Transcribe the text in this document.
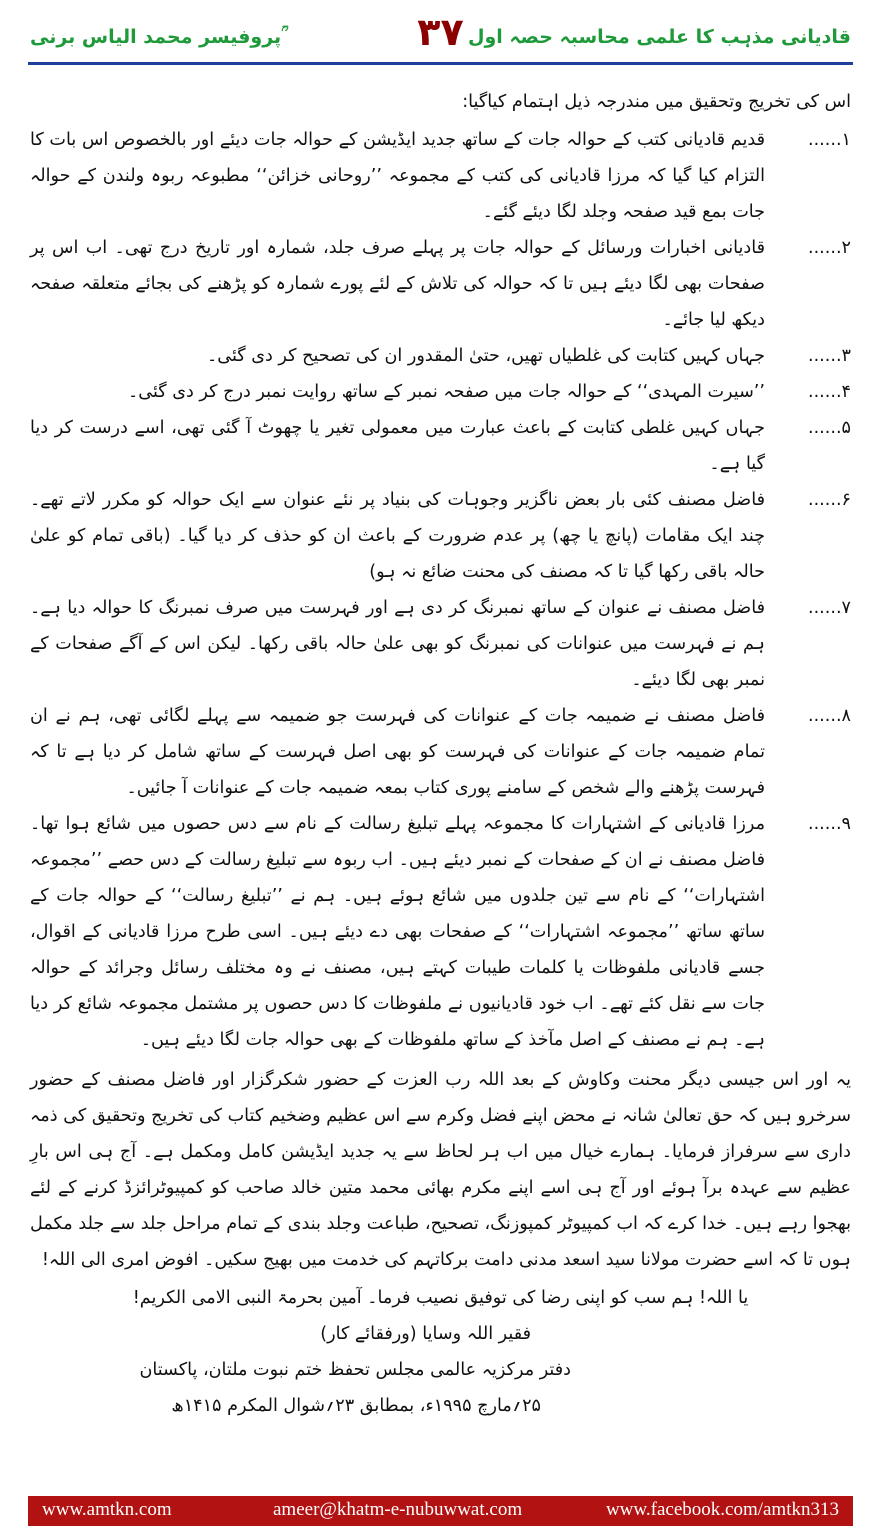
پروفیسر محمد الیاس برنی ؒ	۳۷ قادیانی مذہب کا علمی محاسبہ حصہ اول

اس کی تخریج وتحقیق میں مندرجہ ذیل اہتمام کیاگیا:

۱......
قدیم قادیانی کتب کے حوالہ جات کے ساتھ جدید ایڈیشن کے حوالہ جات دیئے اور بالخصوص اس بات کا التزام کیا گیا کہ مرزا قادیانی کی کتب کے مجموعہ ’’روحانی خزائن‘‘ مطبوعہ ربوہ ولندن کے حوالہ جات بمع قید صفحہ وجلد لگا دیئے گئے۔
۲......
قادیانی اخبارات ورسائل کے حوالہ جات پر پہلے صرف جلد، شمارہ اور تاریخ درج تھی۔ اب اس پر صفحات بھی لگا دیئے ہیں تا کہ حوالہ کی تلاش کے لئے پورے شمارہ کو پڑھنے کی بجائے متعلقہ صفحہ دیکھ لیا جائے۔
۳......
جہاں کہیں کتابت کی غلطیاں تھیں، حتیٰ المقدور ان کی تصحیح کر دی گئی۔
۴......
’’سیرت المہدی‘‘ کے حوالہ جات میں صفحہ نمبر کے ساتھ روایت نمبر درج کر دی گئی۔
۵......
جہاں کہیں غلطی کتابت کے باعث عبارت میں معمولی تغیر یا چھوٹ آ گئی تھی، اسے درست کر دیا گیا ہے۔
۶......
فاضل مصنف کئی بار بعض ناگزیر وجوہات کی بنیاد پر نئے عنوان سے ایک حوالہ کو مکرر لاتے تھے۔ چند ایک مقامات (پانچ یا چھ) پر عدم ضرورت کے باعث ان کو حذف کر دیا گیا۔ (باقی تمام کو علیٰ حالہ باقی رکھا گیا تا کہ مصنف کی محنت ضائع نہ ہو)
۷......
فاضل مصنف نے عنوان کے ساتھ نمبرنگ کر دی ہے اور فہرست میں صرف نمبرنگ کا حوالہ دیا ہے۔ ہم نے فہرست میں عنوانات کی نمبرنگ کو بھی علیٰ حالہ باقی رکھا۔ لیکن اس کے آگے صفحات کے نمبر بھی لگا دیئے۔
۸......
فاضل مصنف نے ضمیمہ جات کے عنوانات کی فہرست جو ضمیمہ سے پہلے لگائی تھی، ہم نے ان تمام ضمیمہ جات کے عنوانات کی فہرست کو بھی اصل فہرست کے ساتھ شامل کر دیا ہے تا کہ فہرست پڑھنے والے شخص کے سامنے پوری کتاب بمعہ ضمیمہ جات کے عنوانات آ جائیں۔
۹......
مرزا قادیانی کے اشتہارات کا مجموعہ پہلے تبلیغ رسالت کے نام سے دس حصوں میں شائع ہوا تھا۔ فاضل مصنف نے ان کے صفحات کے نمبر دیئے ہیں۔ اب ربوہ سے تبلیغ رسالت کے دس حصے ’’مجموعہ اشتہارات‘‘ کے نام سے تین جلدوں میں شائع ہوئے ہیں۔ ہم نے ’’تبلیغ رسالت‘‘ کے حوالہ جات کے ساتھ ساتھ ’’مجموعہ اشتہارات‘‘ کے صفحات بھی دے دیئے ہیں۔ اسی طرح مرزا قادیانی کے اقوال، جسے قادیانی ملفوظات یا کلمات طیبات کہتے ہیں، مصنف نے وہ مختلف رسائل وجرائد کے حوالہ جات سے نقل کئے تھے۔ اب خود قادیانیوں نے ملفوظات کا دس حصوں پر مشتمل مجموعہ شائع کر دیا ہے۔ ہم نے مصنف کے اصل مآخذ کے ساتھ ملفوظات کے بھی حوالہ جات لگا دیئے ہیں۔

یہ اور اس جیسی دیگر محنت وکاوش کے بعد اللہ رب العزت کے حضور شکرگزار اور فاضل مصنف کے حضور سرخرو ہیں کہ حق تعالیٰ شانہ نے محض اپنے فضل وکرم سے اس عظیم وضخیم کتاب کی تخریج وتحقیق کی ذمہ داری سے سرفراز فرمایا۔ ہمارے خیال میں اب ہر لحاظ سے یہ جدید ایڈیشن کامل ومکمل ہے۔ آج ہی اس بارِ عظیم سے عہدہ برآ ہوئے اور آج ہی اسے اپنے مکرم بھائی محمد متین خالد صاحب کو کمپیوٹرائزڈ کرنے کے لئے بھجوا رہے ہیں۔ خدا کرے کہ اب کمپیوٹر کمپوزنگ، تصحیح، طباعت وجلد بندی کے تمام مراحل جلد سے جلد مکمل ہوں تا کہ اسے حضرت مولانا سید اسعد مدنی دامت برکاتہم کی خدمت میں بھیج سکیں۔ افوض امری الی اللہ!

یا اللہ! ہم سب کو اپنی رضا کی توفیق نصیب فرما۔ آمین بحرمۃ النبی الامی الکریم!

فقیر اللہ وسایا (ورفقائے کار)
دفتر مرکزیہ عالمی مجلس تحفظ ختم نبوت ملتان، پاکستان
۲۵؍مارچ ۱۹۹۵ء، بمطابق ۲۳؍شوال المکرم ۱۴۱۵ھ
www.amtkn.com	ameer@khatm-e-nubuwwat.com	www.facebook.com/amtkn313
